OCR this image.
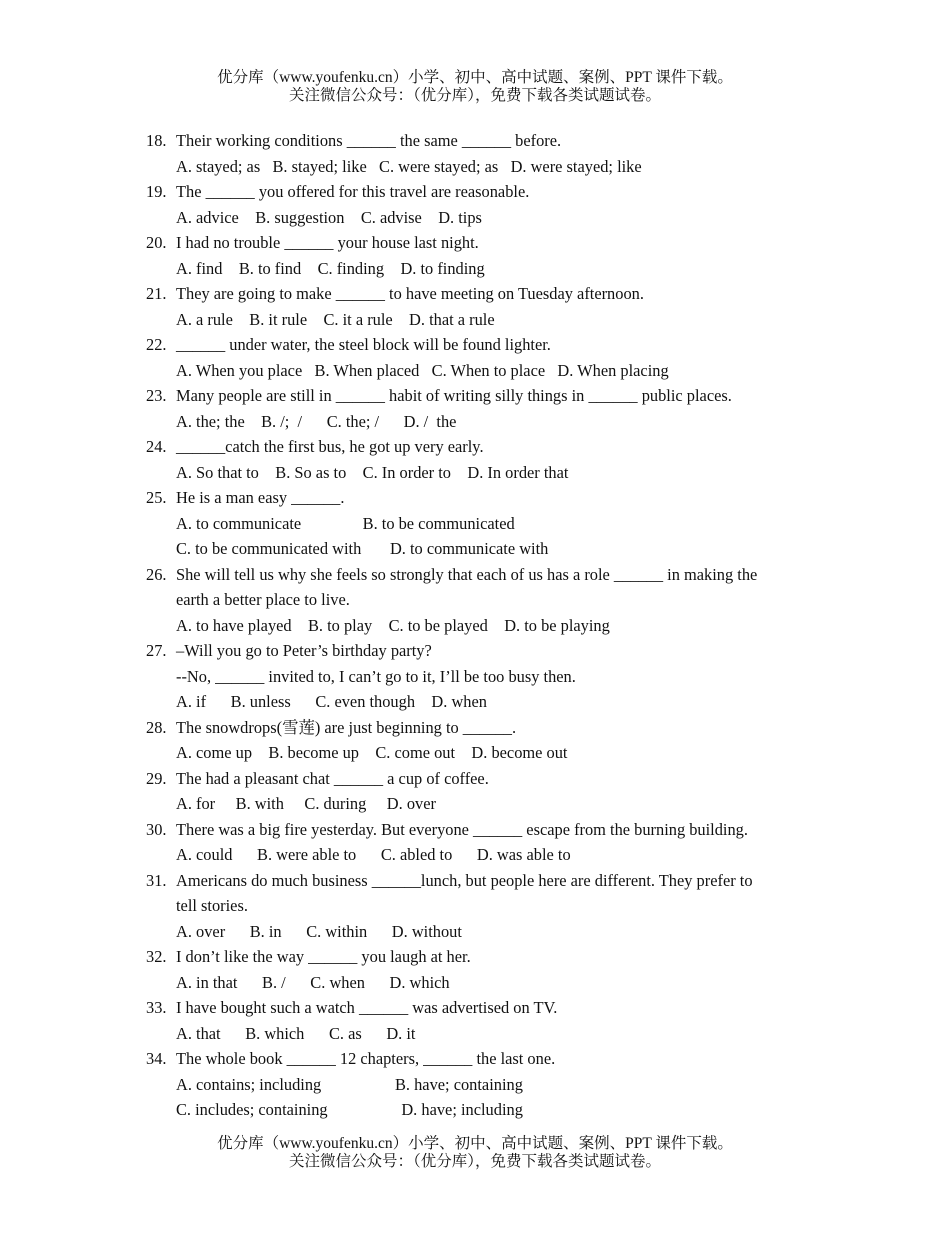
优分库（www.youfenku.cn）小学、初中、高中试题、案例、PPT 课件下载。
关注微信公众号：（优分库），免费下载各类试题试卷。
18. Their working conditions ______ the same ______ before.
A. stayed; as   B. stayed; like   C. were stayed; as   D. were stayed; like
19. The ______ you offered for this travel are reasonable.
A. advice    B. suggestion    C. advise    D. tips
20. I had no trouble ______ your house last night.
A. find    B. to find    C. finding    D. to finding
21. They are going to make ______ to have meeting on Tuesday afternoon.
A. a rule    B. it rule    C. it a rule    D. that a rule
22. ______ under water, the steel block will be found lighter.
A. When you place   B. When placed   C. When to place   D. When placing
23. Many people are still in ______ habit of writing silly things in ______ public places.
A. the; the    B. /;  /      C. the; /      D. /  the
24. ______catch the first bus, he got up very early.
A. So that to    B. So as to    C. In order to    D. In order that
25. He is a man easy ______.
A. to communicate               B. to be communicated
C. to be communicated with       D. to communicate with
26. She will tell us why she feels so strongly that each of us has a role ______ in making the
earth a better place to live.
A. to have played    B. to play    C. to be played    D. to be playing
27. –Will you go to Peter’s birthday party?
--No, ______ invited to, I can’t go to it, I’ll be too busy then.
A. if      B. unless      C. even though    D. when
28. The snowdrops(雪莲) are just beginning to ______.
A. come up    B. become up    C. come out    D. become out
29. The had a pleasant chat ______ a cup of coffee.
A. for     B. with     C. during     D. over
30. There was a big fire yesterday. But everyone ______ escape from the burning building.
A. could      B. were able to      C. abled to      D. was able to
31. Americans do much business ______lunch, but people here are different. They prefer to
tell stories.
A. over      B. in      C. within      D. without
32. I don’t like the way ______ you laugh at her.
A. in that      B. /      C. when      D. which
33. I have bought such a watch ______ was advertised on TV.
A. that      B. which      C. as      D. it
34. The whole book ______ 12 chapters, ______ the last one.
A. contains; including                  B. have; containing
C. includes; containing                  D. have; including
优分库（www.youfenku.cn）小学、初中、高中试题、案例、PPT 课件下载。
关注微信公众号：（优分库），免费下载各类试题试卷。
